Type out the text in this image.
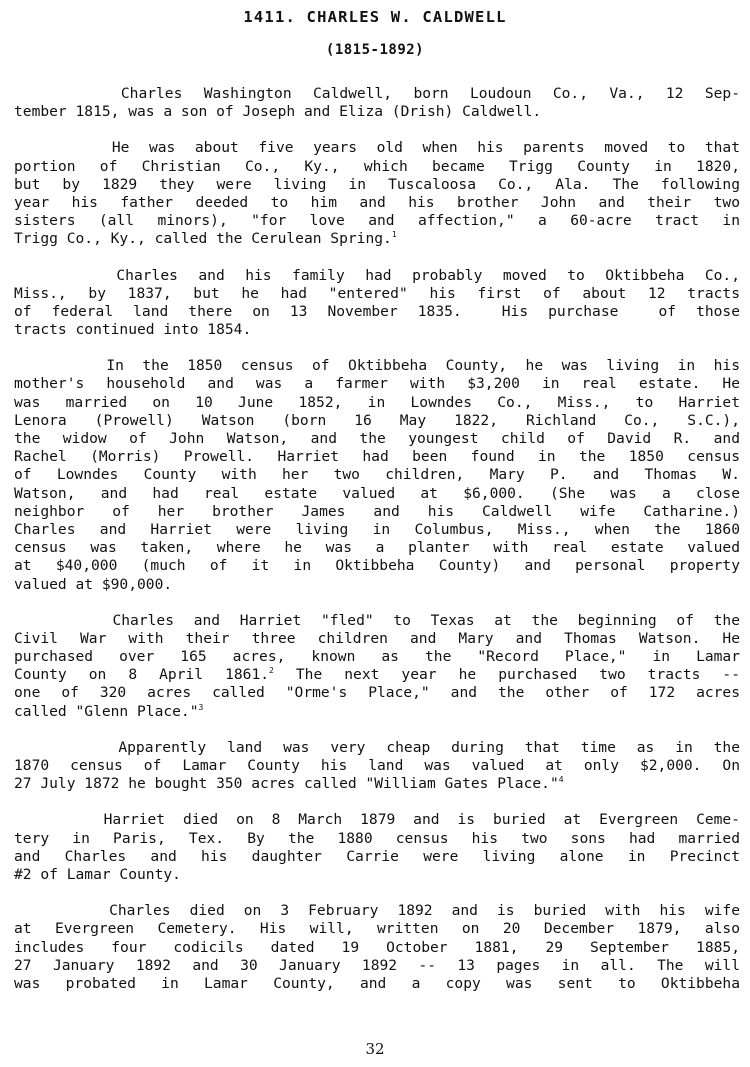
1411. CHARLES W. CALDWELL
(1815-1892)
Charles Washington Caldwell, born Loudoun Co., Va., 12 Sep-
tember 1815, was a son of Joseph and Eliza (Drish) Caldwell.
He was about five years old when his parents moved to that
portion of Christian Co., Ky., which became Trigg County in 1820,
but by 1829 they were living in Tuscaloosa Co., Ala. The following
year his father deeded to him and his brother John and their two
sisters (all minors), "for love and affection," a 60-acre tract in
Trigg Co., Ky., called the Cerulean Spring.$^1$
Charles and his family had probably moved to Oktibbeha Co.,
Miss., by 1837, but he had "entered" his first of about 12 tracts
of federal land there on 13 November 1835.  His purchase  of those
tracts continued into 1854.
In the 1850 census of Oktibbeha County, he was living in his
mother's household and was a farmer with $3,200 in real estate. He
was married on 10 June 1852, in Lowndes Co., Miss., to Harriet
Lenora (Prowell) Watson (born 16 May 1822, Richland Co., S.C.),
the widow of John Watson, and the youngest child of David R. and
Rachel (Morris) Prowell. Harriet had been found in the 1850 census
of Lowndes County with her two children, Mary P. and Thomas W.
Watson, and had real estate valued at $6,000. (She was a close
neighbor of her brother James and his Caldwell wife Catharine.)
Charles and Harriet were living in Columbus, Miss., when the 1860
census was taken, where he was a planter with real estate valued
at $40,000 (much of it in Oktibbeha County) and personal property
valued at $90,000.
Charles and Harriet "fled" to Texas at the beginning of the
Civil War with their three children and Mary and Thomas Watson. He
purchased over 165 acres, known as the "Record Place," in Lamar
County on 8 April 1861.$^2$ The next year he purchased two tracts --
one of 320 acres called "Orme's Place," and the other of 172 acres
called "Glenn Place."$^3$
Apparently land was very cheap during that time as in the
1870 census of Lamar County his land was valued at only $2,000. On
27 July 1872 he bought 350 acres called "William Gates Place."$^4$
Harriet died on 8 March 1879 and is buried at Evergreen Ceme-
tery in Paris, Tex. By the 1880 census his two sons had married
and Charles and his daughter Carrie were living alone in Precinct
#2 of Lamar County.
Charles died on 3 February 1892 and is buried with his wife
at Evergreen Cemetery. His will, written on 20 December 1879, also
includes four codicils dated 19 October 1881, 29 September 1885,
27 January 1892 and 30 January 1892 -- 13 pages in all. The will
was probated in Lamar County, and a copy was sent to Oktibbeha
32
